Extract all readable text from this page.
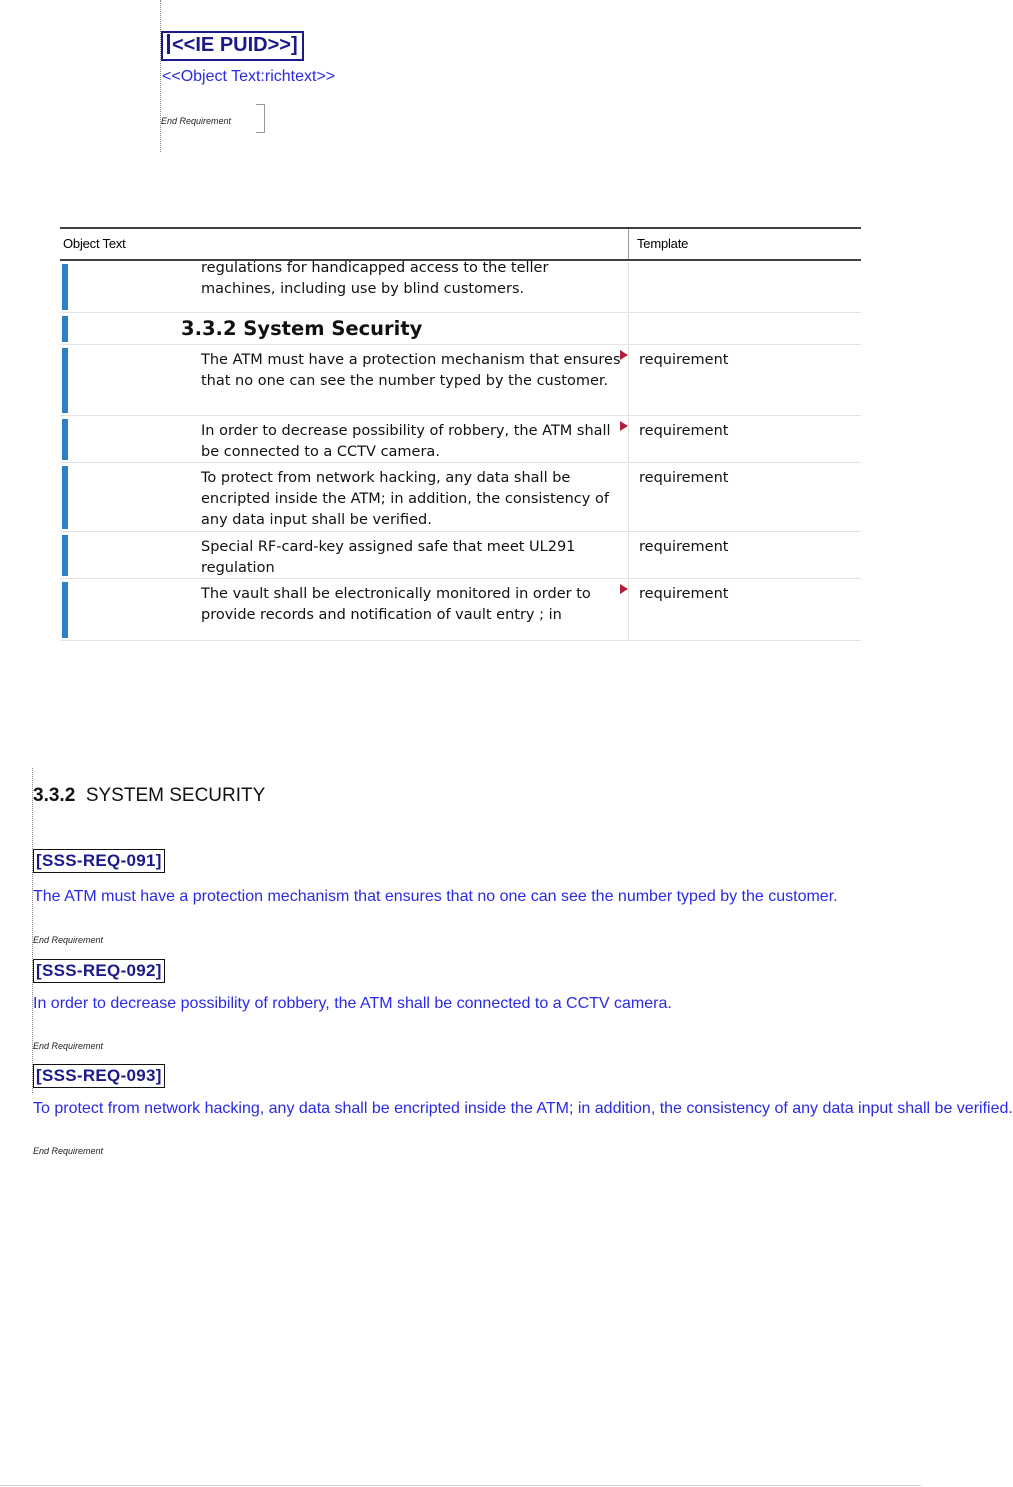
<<IE PUID>>]
<<Object Text:richtext>>
End Requirement
Object Text	Template
regulations for handicapped access to the teller machines, including use by blind customers.
3.3.2 System Security
The ATM must have a protection mechanism that ensures that no one can see the number typed by the customer.
requirement
In order to decrease possibility of robbery, the ATM shall be connected to a CCTV camera.
requirement
To protect from network hacking, any data shall be encripted inside the ATM; in addition, the consistency of any data input shall be verified.
requirement
Special RF-card-key assigned safe that meet UL291 regulation
requirement
The vault shall be electronically monitored in order to provide records and notification of vault entry ; in
requirement
3.3.2 SYSTEM SECURITY
[SSS-REQ-091]
The ATM must have a protection mechanism that ensures that no one can see the number typed by the customer.
End Requirement
[SSS-REQ-092]
In order to decrease possibility of robbery, the ATM shall be connected to a CCTV camera.
End Requirement
[SSS-REQ-093]
To protect from network hacking, any data shall be encripted inside the ATM; in addition, the consistency of any data input shall be verified.
End Requirement
